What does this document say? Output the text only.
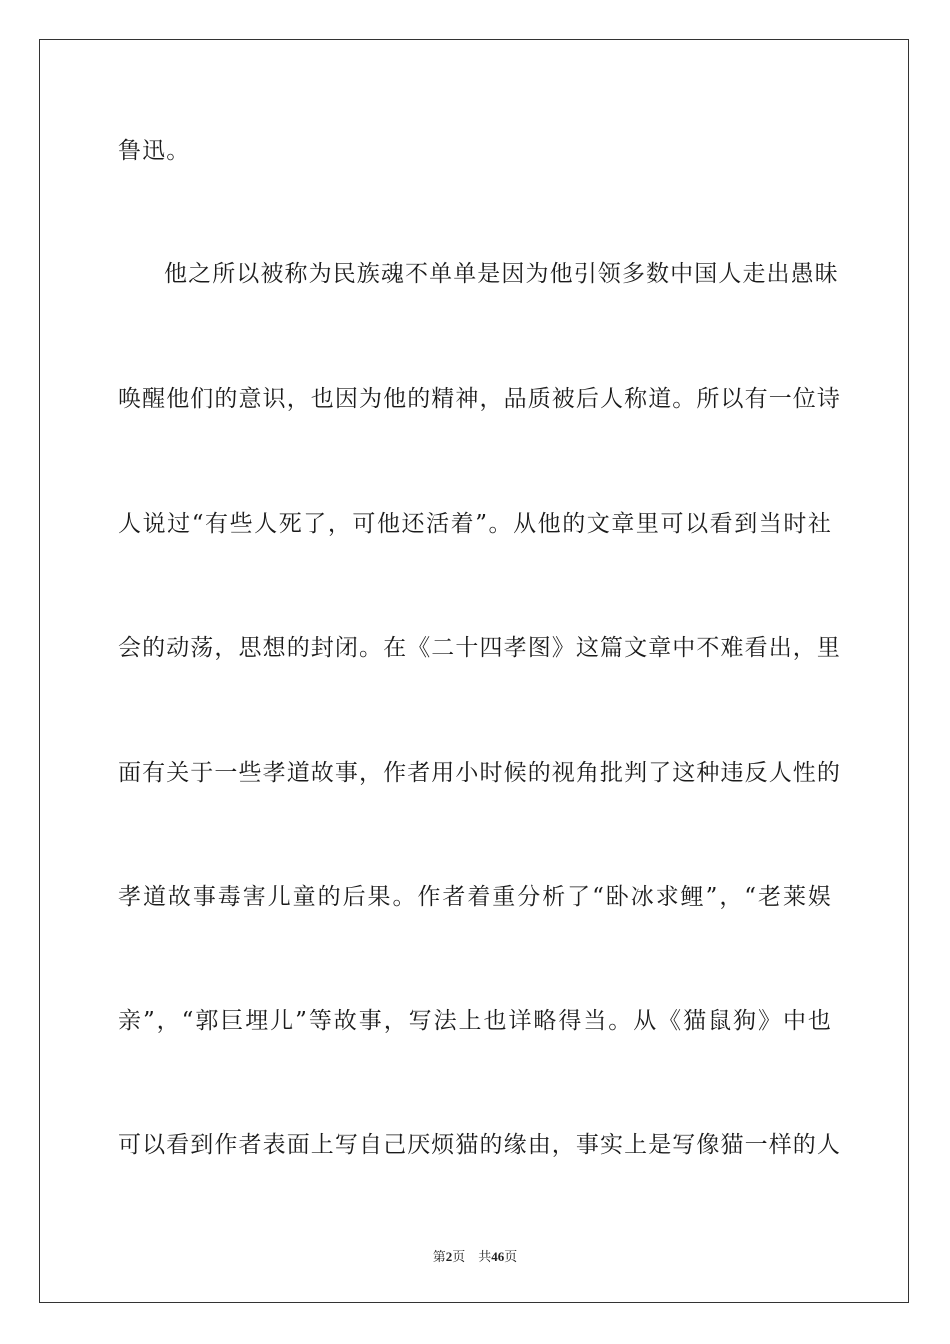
鲁迅。
他之所以被称为民族魂不单单是因为他引领多数中国人走出愚昧
唤醒他们的意识，也因为他的精神，品质被后人称道。所以有一位诗
人说过“有些人死了，可他还活着”。从他的文章里可以看到当时社
会的动荡，思想的封闭。在《二十四孝图》这篇文章中不难看出，里
面有关于一些孝道故事，作者用小时候的视角批判了这种违反人性的
孝道故事毒害儿童的后果。作者着重分析了“卧冰求鲤”，“老莱娱
亲”，“郭巨埋儿”等故事，写法上也详略得当。从《猫鼠狗》中也
可以看到作者表面上写自己厌烦猫的缘由，事实上是写像猫一样的人
第2页　共46页
